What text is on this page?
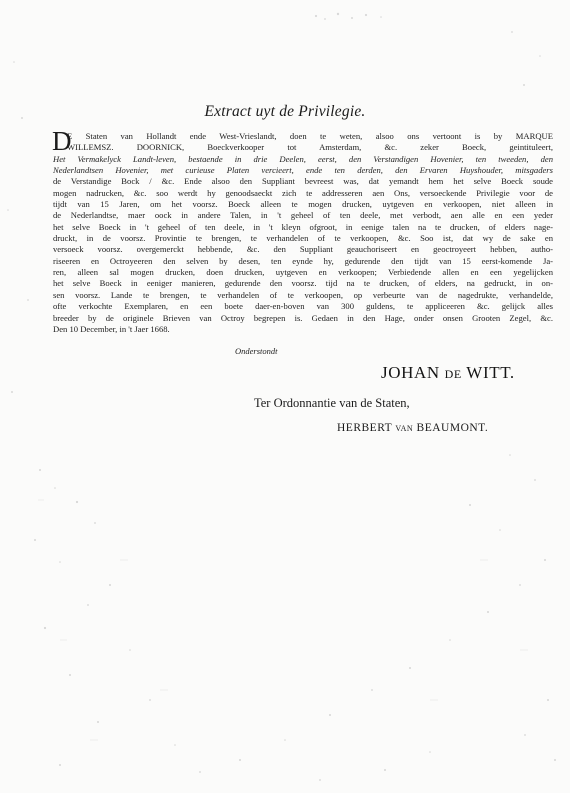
Extract uyt de Privilegie.
D
E Staten van Hollandt ende West-Vrieslandt, doen te weten, alsoo ons vertoont is by MARQUE
WILLEMSZ. DOORNICK, Boeckverkooper tot Amsterdam, &c. zeker Boeck, geintituleert,
Het Vermakelyck Landt-leven, bestaende in drie Deelen, eerst, den Verstandigen Hovenier, ten tweeden, den
Nederlandtsen Hovenier, met curieuse Platen vercieert, ende ten derden, den Ervaren Huyshouder, mitsgaders
de Verstandige Bock / &c. Ende alsoo den Suppliant bevreest was, dat yemandt hem het selve Boeck soude
mogen nadrucken, &c. soo werdt hy genoodsaeckt zich te addresseren aen Ons, versoeckende Privilegie voor de
tijdt van 15 Jaren, om het voorsz. Boeck alleen te mogen drucken, uytgeven en verkoopen, niet alleen in
de Nederlandtse, maer oock in andere Talen, in 't geheel of ten deele, met verbodt, aen alle en een yeder
het selve Boeck in 't geheel of ten deele, in 't kleyn ofgroot, in eenige talen na te drucken, of elders nage-
druckt, in de voorsz. Provintie te brengen, te verhandelen of te verkoopen, &c. Soo ist, dat wy de sake en
versoeck voorsz. overgemerckt hebbende, &c. den Suppliant geauchoriseert en geoctroyeert hebben, autho-
riseeren en Octroyeeren den selven by desen, ten eynde hy, gedurende den tijdt van 15 eerst-komende Ja-
ren, alleen sal mogen drucken, doen drucken, uytgeven en verkoopen; Verbiedende allen en een yegelijcken
het selve Boeck in eeniger manieren, gedurende den voorsz. tijd na te drucken, of elders, na gedruckt, in on-
sen voorsz. Lande te brengen, te verhandelen of te verkoopen, op verbeurte van de nagedrukte, verhandelde,
ofte verkochte Exemplaren, en een boete daer-en-boven van 300 guldens, te appliceeren &c. gelijck alles
breeder by de originele Brieven van Octroy begrepen is. Gedaen in den Hage, onder onsen Grooten Zegel, &c.
Den 10 December, in 't Jaer 1668.
Onderstondt
JOHAN de WITT.
Ter Ordonnantie van de Staten,
HERBERT van BEAUMONT.
